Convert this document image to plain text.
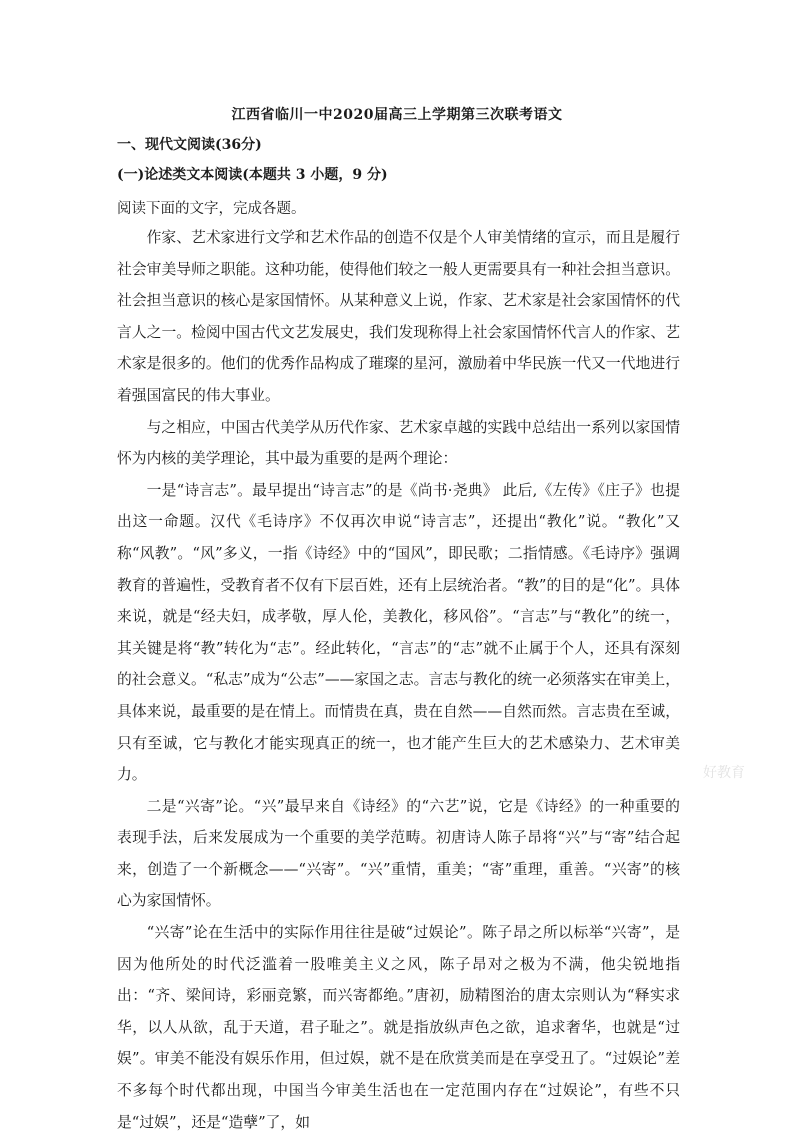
江西省临川一中2020届高三上学期第三次联考语文
一、现代文阅读(36分)
(一)论述类文本阅读(本题共 3 小题，9 分)
阅读下面的文字，完成各题。

作家、艺术家进行文学和艺术作品的创造不仅是个人审美情绪的宣示，而且是履行社会审美导师之职能。这种功能，使得他们较之一般人更需要具有一种社会担当意识。社会担当意识的核心是家国情怀。从某种意义上说，作家、艺术家是社会家国情怀的代言人之一。检阅中国古代文艺发展史，我们发现称得上社会家国情怀代言人的作家、艺术家是很多的。他们的优秀作品构成了璀璨的星河，激励着中华民族一代又一代地进行着强国富民的伟大事业。

与之相应，中国古代美学从历代作家、艺术家卓越的实践中总结出一系列以家国情怀为内核的美学理论，其中最为重要的是两个理论：

一是“诗言志”。最早提出“诗言志”的是《尚书·尧典》 此后,《左传》《庄子》也提出这一命题。汉代《毛诗序》不仅再次申说“诗言志”，还提出“教化”说。“教化”又称“风教”。“风”多义，一指《诗经》中的“国风”，即民歌；二指情感。《毛诗序》强调教育的普遍性，受教育者不仅有下层百姓，还有上层统治者。“教”的目的是“化”。具体来说，就是“经夫妇，成孝敬，厚人伦，美教化，移风俗”。“言志”与“教化”的统一，其关键是将“教”转化为“志”。经此转化，“言志”的“志”就不止属于个人，还具有深刻的社会意义。“私志”成为“公志”——家国之志。言志与教化的统一必须落实在审美上，具体来说，最重要的是在情上。而情贵在真，贵在自然——自然而然。言志贵在至诚，只有至诚，它与教化才能实现真正的统一，也才能产生巨大的艺术感染力、艺术审美力。

二是“兴寄”论。“兴”最早来自《诗经》的“六艺”说，它是《诗经》的一种重要的表现手法，后来发展成为一个重要的美学范畴。初唐诗人陈子昂将“兴”与“寄”结合起来，创造了一个新概念——“兴寄”。“兴”重情，重美；“寄”重理，重善。“兴寄”的核心为家国情怀。

“兴寄”论在生活中的实际作用往往是破“过娱论”。陈子昂之所以标举“兴寄”，是因为他所处的时代泛滥着一股唯美主义之风，陈子昂对之极为不满，他尖锐地指出：“齐、梁间诗，彩丽竞繁，而兴寄都绝。”唐初，励精图治的唐太宗则认为“释实求华，以人从欲，乱于天道，君子耻之”。就是指放纵声色之欲，追求奢华，也就是“过娱”。审美不能没有娱乐作用，但过娱，就不是在欣赏美而是在享受丑了。“过娱论”差不多每个时代都出现，中国当今审美生活也在一定范围内存在“过娱论”，有些不只是“过娱”，还是“造孽”了，如

好教育
